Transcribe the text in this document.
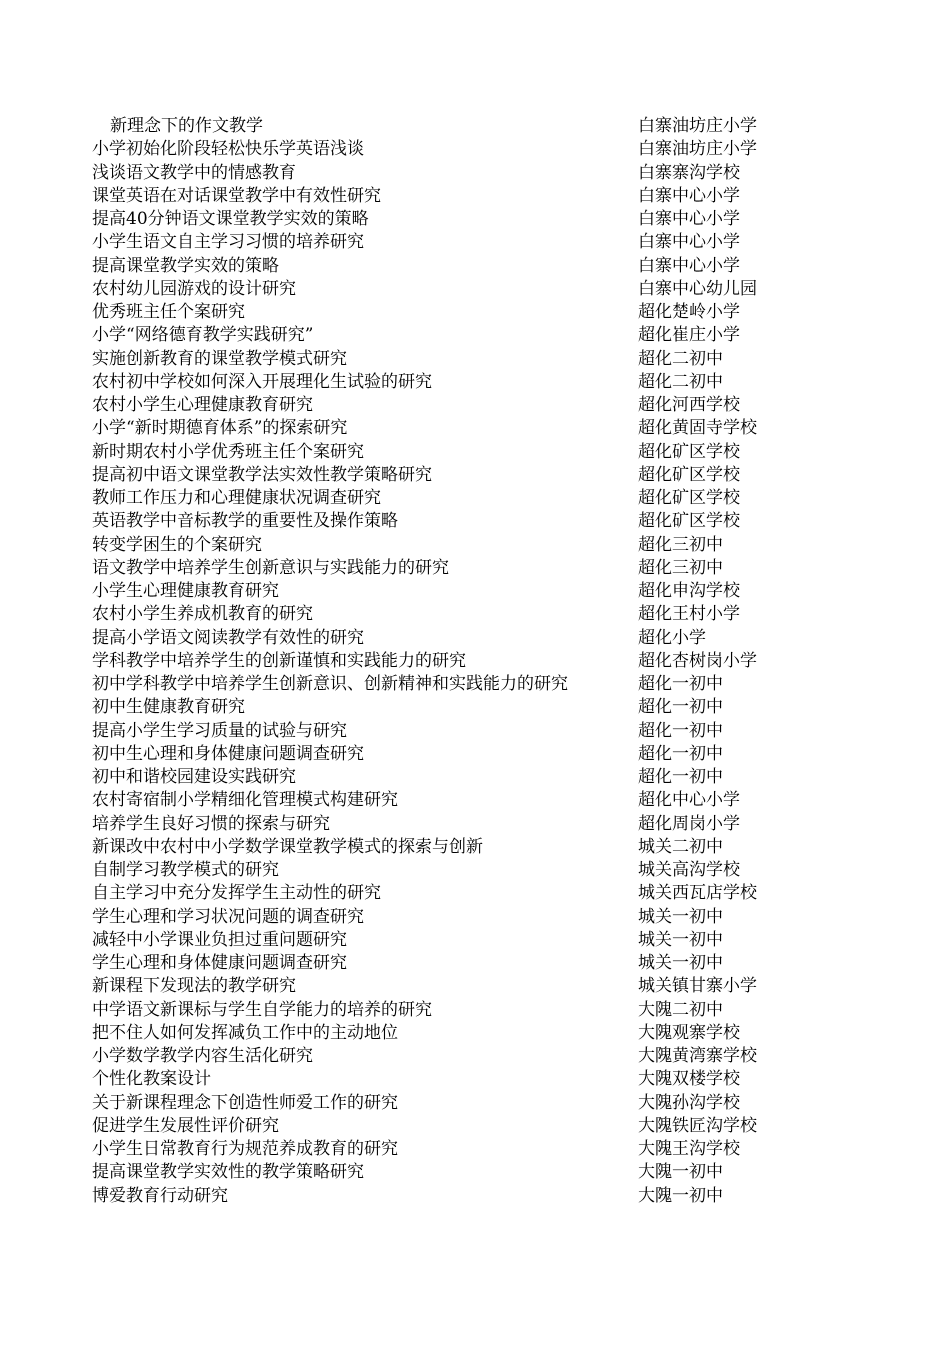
新理念下的作文教学	白寨油坊庄小学
小学初始化阶段轻松快乐学英语浅谈	白寨油坊庄小学
浅谈语文教学中的情感教育	白寨寨沟学校
课堂英语在对话课堂教学中有效性研究	白寨中心小学
提高40分钟语文课堂教学实效的策略	白寨中心小学
小学生语文自主学习习惯的培养研究	白寨中心小学
提高课堂教学实效的策略	白寨中心小学
农村幼儿园游戏的设计研究	白寨中心幼儿园
优秀班主任个案研究	超化楚岭小学
小学“网络德育教学实践研究”	超化崔庄小学
实施创新教育的课堂教学模式研究	超化二初中
农村初中学校如何深入开展理化生试验的研究	超化二初中
农村小学生心理健康教育研究	超化河西学校
小学“新时期德育体系”的探索研究	超化黄固寺学校
新时期农村小学优秀班主任个案研究	超化矿区学校
提高初中语文课堂教学法实效性教学策略研究	超化矿区学校
教师工作压力和心理健康状况调查研究	超化矿区学校
英语教学中音标教学的重要性及操作策略	超化矿区学校
转变学困生的个案研究	超化三初中
语文教学中培养学生创新意识与实践能力的研究	超化三初中
小学生心理健康教育研究	超化申沟学校
农村小学生养成机教育的研究	超化王村小学
提高小学语文阅读教学有效性的研究	超化小学
学科教学中培养学生的创新谨慎和实践能力的研究	超化杏树岗小学
初中学科教学中培养学生创新意识、创新精神和实践能力的研究	超化一初中
初中生健康教育研究	超化一初中
提高小学生学习质量的试验与研究	超化一初中
初中生心理和身体健康问题调查研究	超化一初中
初中和谐校园建设实践研究	超化一初中
农村寄宿制小学精细化管理模式构建研究	超化中心小学
培养学生良好习惯的探索与研究	超化周岗小学
新课改中农村中小学数学课堂教学模式的探索与创新	城关二初中
自制学习教学模式的研究	城关高沟学校
自主学习中充分发挥学生主动性的研究	城关西瓦店学校
学生心理和学习状况问题的调查研究	城关一初中
减轻中小学课业负担过重问题研究	城关一初中
学生心理和身体健康问题调查研究	城关一初中
新课程下发现法的教学研究	城关镇甘寨小学
中学语文新课标与学生自学能力的培养的研究	大隗二初中
把不住人如何发挥减负工作中的主动地位	大隗观寨学校
小学数学教学内容生活化研究	大隗黄湾寨学校
个性化教案设计	大隗双楼学校
关于新课程理念下创造性师爱工作的研究	大隗孙沟学校
促进学生发展性评价研究	大隗铁匠沟学校
小学生日常教育行为规范养成教育的研究	大隗王沟学校
提高课堂教学实效性的教学策略研究	大隗一初中
博爱教育行动研究	大隗一初中
